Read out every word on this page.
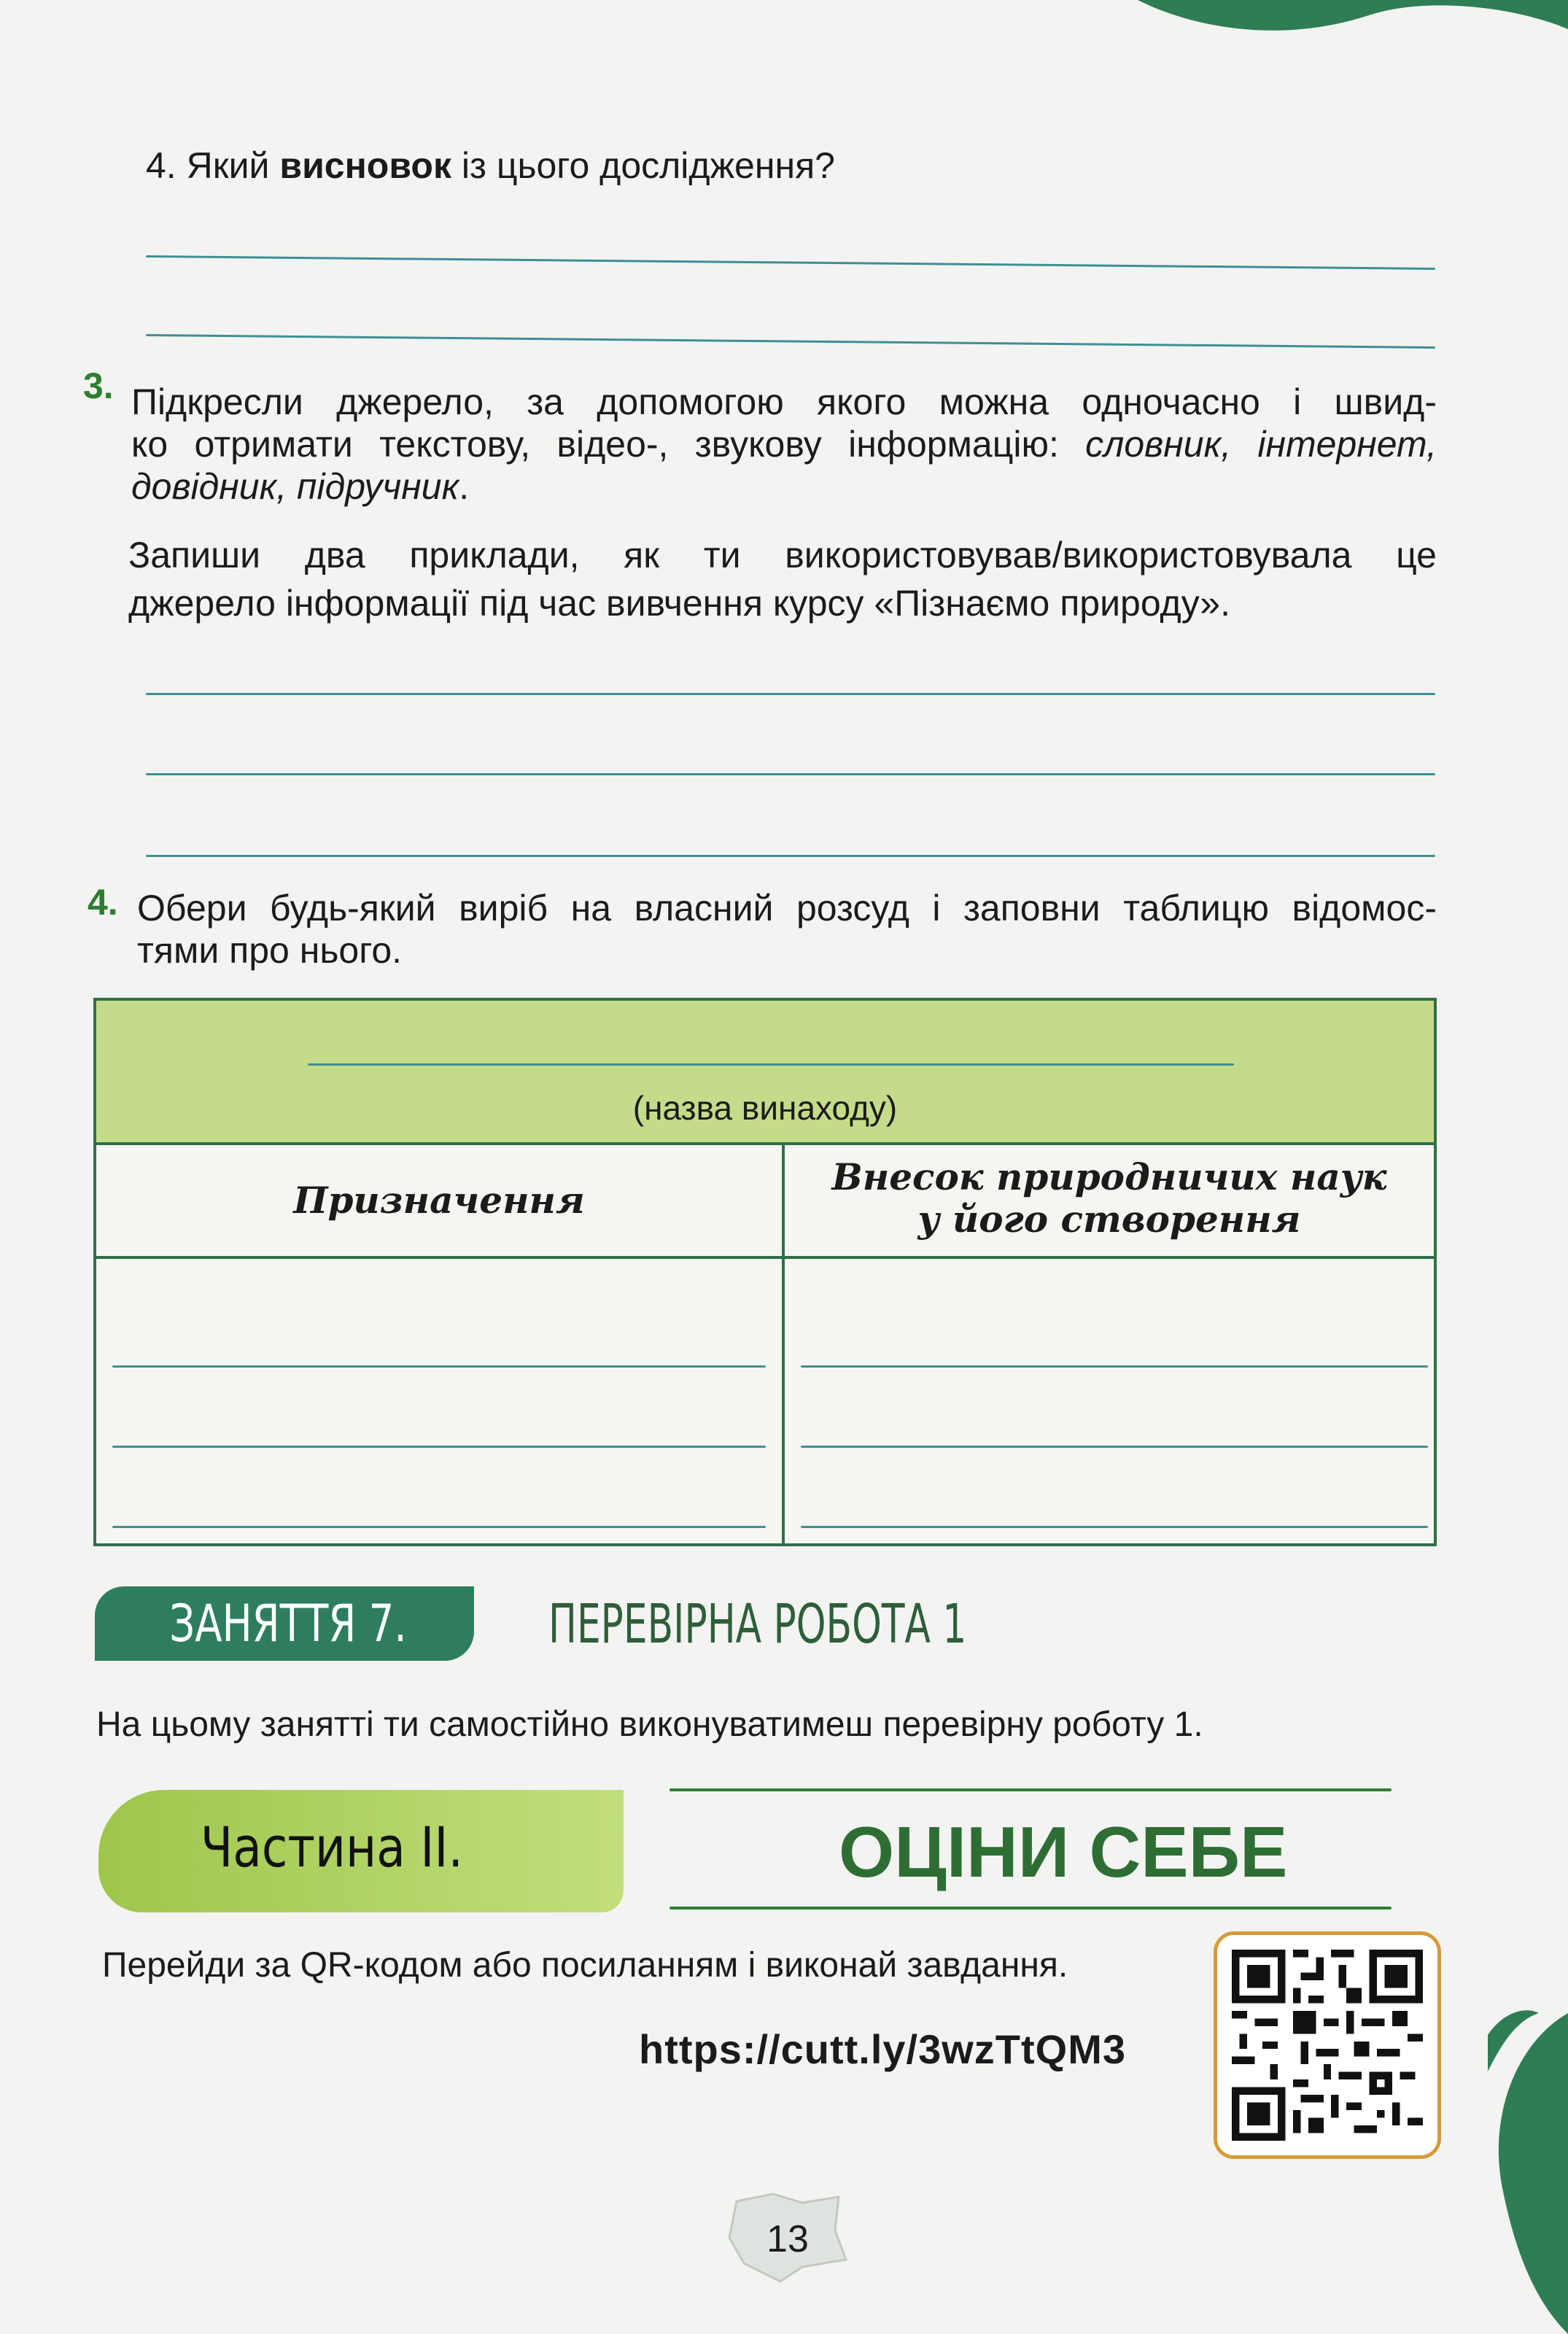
4. Який висновок із цього дослідження?
3. Підкресли джерело, за допомогою якого можна одночасно і швид-
ко отримати текстову, відео-, звукову інформацію: словник, інтернет,
довідник, підручник.
Запиши два приклади, як ти використовував/використовувала це
джерело інформації під час вивчення курсу «Пізнаємо природу».
4. Обери будь-який виріб на власний розсуд і заповни таблицю відомос-
тями про нього.
(назва винаходу)
Призначення
Внесок природничих наук
у його створення
ЗАНЯТТЯ 7.	ПЕРЕВІРНА РОБОТА 1
На цьому занятті ти самостійно виконуватимеш перевірну роботу 1.
Частина ІІ.	ОЦІНИ СЕБЕ
Перейди за QR-кодом або посиланням і виконай завдання.
https://cutt.ly/3wzTtQM3
13
